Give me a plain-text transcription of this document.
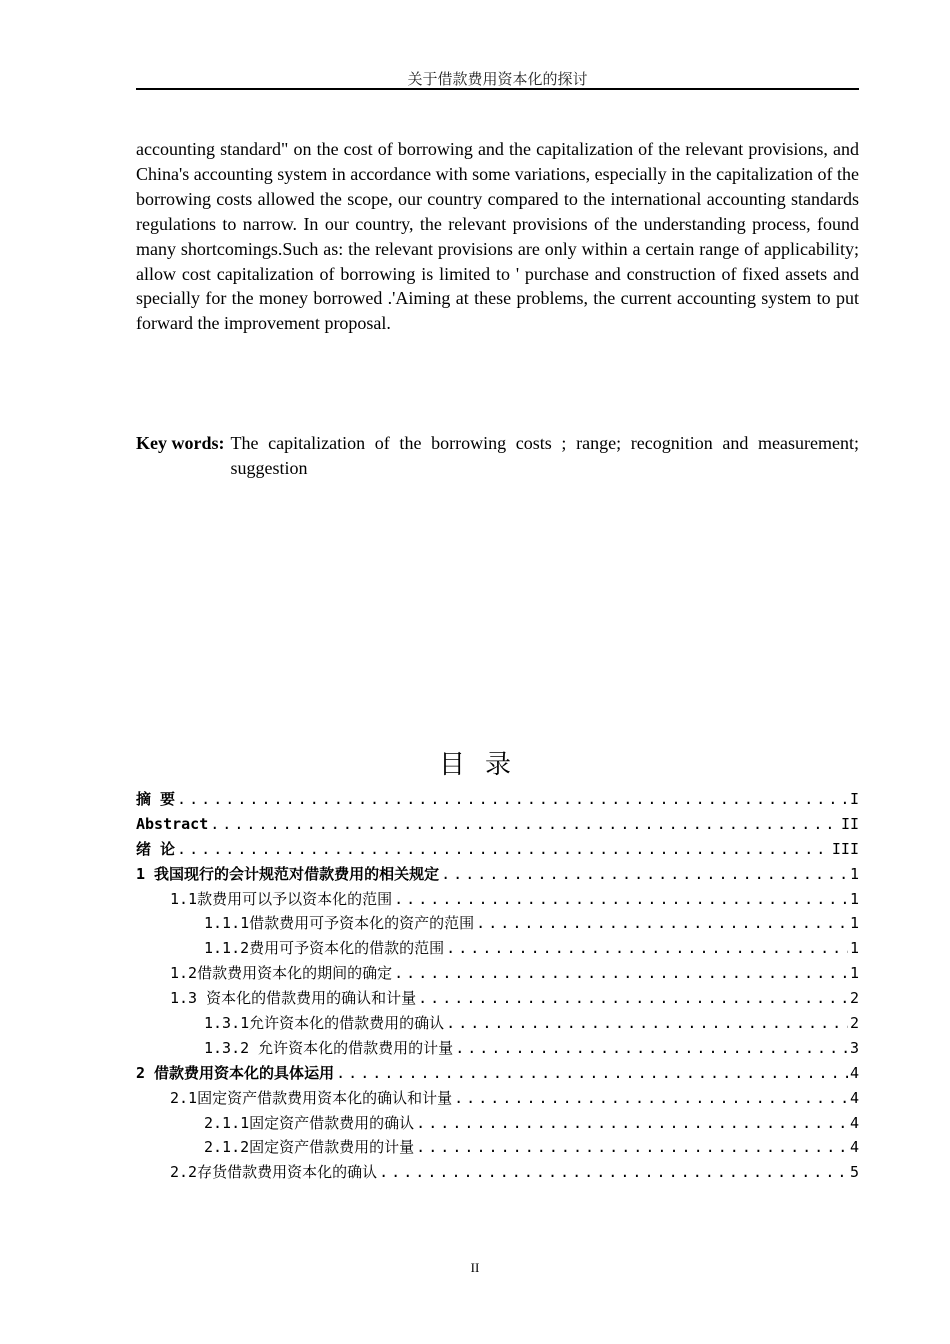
关于借款费用资本化的探讨
accounting standard" on the cost of borrowing and the capitalization of the relevant provisions, and China's accounting system in accordance with some variations, especially in the capitalization of the borrowing costs allowed the scope, our country compared to the international accounting standards regulations to narrow. In our country, the relevant provisions of the understanding process, found many shortcomings.Such as: the relevant provisions are only within a certain range of applicability; allow cost capitalization of borrowing is limited to ' purchase and construction of fixed assets and specially for the money borrowed .'Aiming at these problems, the current accounting system to put forward the improvement proposal.
Key words: The capitalization of the borrowing costs ; range; recognition and measurement; suggestion
目录
摘 要 . . .	I
Abstract . . .	II
绪 论 . . .	III
1 我国现行的会计规范对借款费用的相关规定 . . .	1
1.1款费用可以予以资本化的范围 . . .	1
1.1.1借款费用可予资本化的资产的范围 . . .	1
1.1.2费用可予资本化的借款的范围 . . .	1
1.2借款费用资本化的期间的确定 . . .	1
1.3 资本化的借款费用的确认和计量 . . .	2
1.3.1允许资本化的借款费用的确认 . . .	2
1.3.2 允许资本化的借款费用的计量 . . .	3
2 借款费用资本化的具体运用 . . .	4
2.1固定资产借款费用资本化的确认和计量 . . .	4
2.1.1固定资产借款费用的确认 . . .	4
2.1.2固定资产借款费用的计量 . . .	4
2.2存货借款费用资本化的确认 . . .	5
II
